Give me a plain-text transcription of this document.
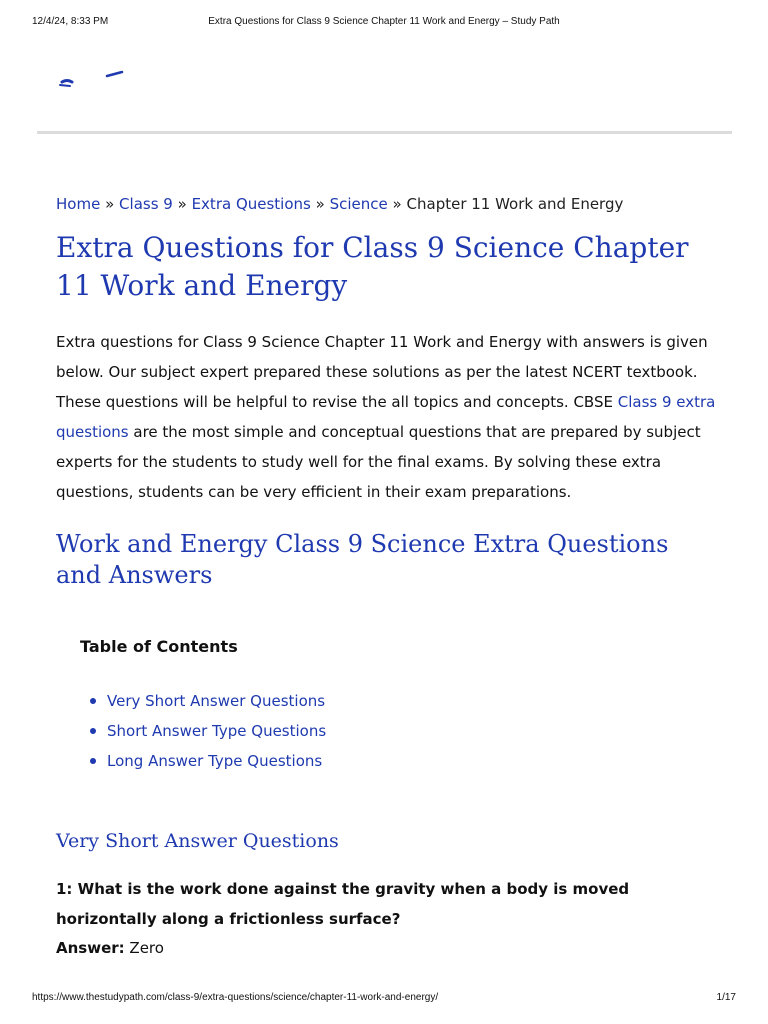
12/4/24, 8:33 PM	Extra Questions for Class 9 Science Chapter 11 Work and Energy – Study Path
Home » Class 9 » Extra Questions » Science » Chapter 11 Work and Energy
Extra Questions for Class 9 Science Chapter 11 Work and Energy

Extra questions for Class 9 Science Chapter 11 Work and Energy with answers is given below. Our subject expert prepared these solutions as per the latest NCERT textbook. These questions will be helpful to revise the all topics and concepts. CBSE Class 9 extra questions are the most simple and conceptual questions that are prepared by subject experts for the students to study well for the final exams. By solving these extra questions, students can be very efficient in their exam preparations.

Work and Energy Class 9 Science Extra Questions and Answers
Table of Contents
Very Short Answer Questions
Short Answer Type Questions
Long Answer Type Questions
Very Short Answer Questions

1: What is the work done against the gravity when a body is moved horizontally along a frictionless surface?

Answer: Zero

https://www.thestudypath.com/class-9/extra-questions/science/chapter-11-work-and-energy/	1/17
